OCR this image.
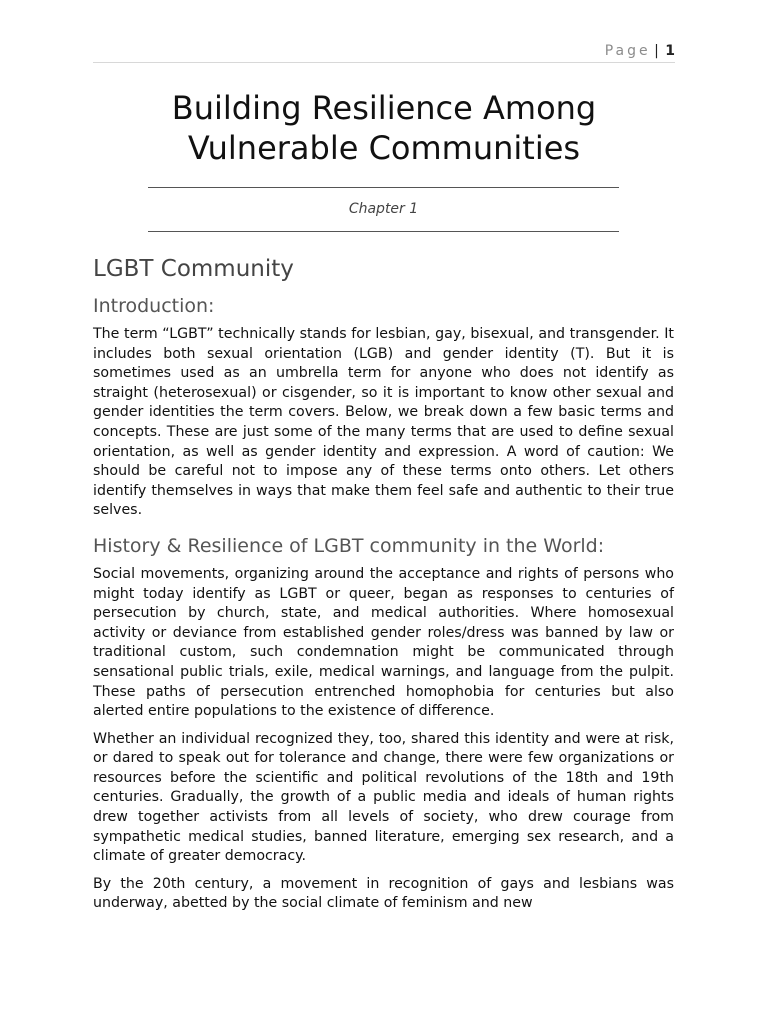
Page | 1
Building Resilience Among
Vulnerable Communities
Chapter 1
LGBT Community
Introduction:

The term “LGBT” technically stands for lesbian, gay, bisexual, and transgender. It includes both sexual orientation (LGB) and gender identity (T). But it is sometimes used as an umbrella term for anyone who does not identify as straight (heterosexual) or cisgender, so it is important to know other sexual and gender identities the term covers. Below, we break down a few basic terms and concepts. These are just some of the many terms that are used to define sexual orientation, as well as gender identity and expression. A word of caution: We should be careful not to impose any of these terms onto others. Let others identify themselves in ways that make them feel safe and authentic to their true selves.

History & Resilience of LGBT community in the World:

Social movements, organizing around the acceptance and rights of persons who might today identify as LGBT or queer, began as responses to centuries of persecution by church, state, and medical authorities. Where homosexual activity or deviance from established gender roles/dress was banned by law or traditional custom, such condemnation might be communicated through sensational public trials, exile, medical warnings, and language from the pulpit. These paths of persecution entrenched homophobia for centuries but also alerted entire populations to the existence of difference.

Whether an individual recognized they, too, shared this identity and were at risk, or dared to speak out for tolerance and change, there were few organizations or resources before the scientific and political revolutions of the 18th and 19th centuries. Gradually, the growth of a public media and ideals of human rights drew together activists from all levels of society, who drew courage from sympathetic medical studies, banned literature, emerging sex research, and a climate of greater democracy.

By the 20th century, a movement in recognition of gays and lesbians was underway, abetted by the social climate of feminism and new
